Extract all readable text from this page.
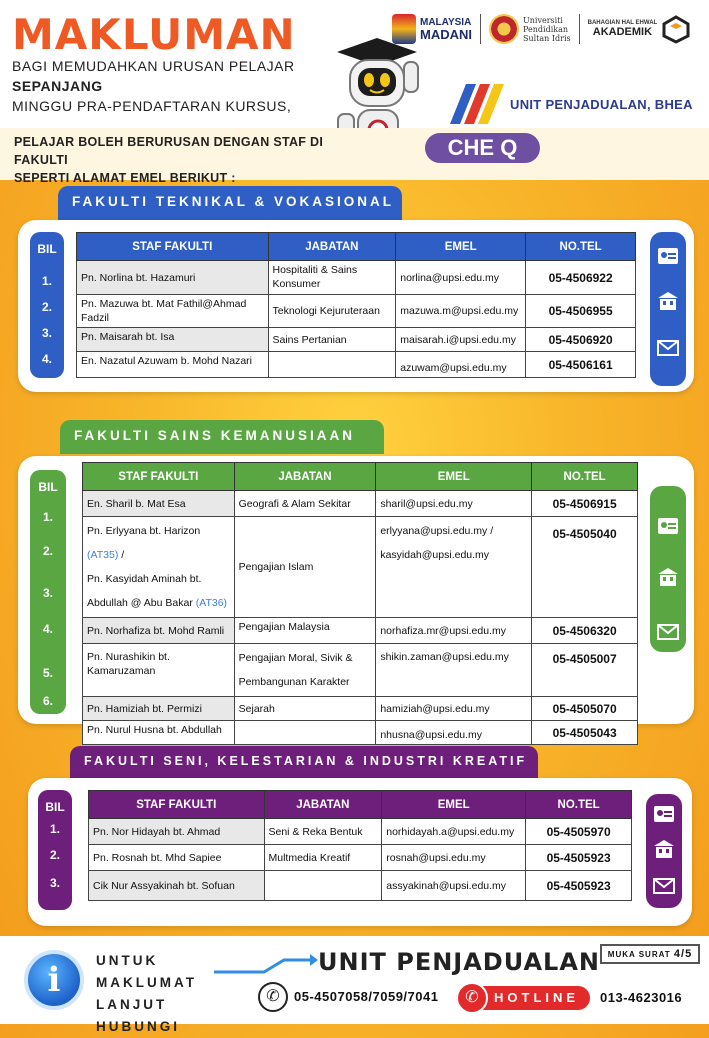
MAKLUMAN
BAGI MEMUDAHKAN URUSAN PELAJAR SEPANJANG
MINGGU PRA-PENDAFTARAN KURSUS,
MALAYSIA
MADANI
Universiti
Pendidikan
Sultan Idris
BAHAGIAN HAL EHWAL
AKADEMIK
UNIT PENJADUALAN, BHEA
PELAJAR BOLEH BERURUSAN DENGAN STAF DI FAKULTI
SEPERTI ALAMAT EMEL BERIKUT :
CHE Q
FAKULTI TEKNIKAL & VOKASIONAL
BIL
1.
2.
3.
4.
STAF FAKULTI	JABATAN	EMEL	NO.TEL
Pn. Norlina bt. Hazamuri	Hospitaliti & Sains Konsumer	norlina@upsi.edu.my	05-4506922
Pn. Mazuwa bt. Mat Fathil@Ahmad Fadzil	Teknologi Kejuruteraan	mazuwa.m@upsi.edu.my	05-4506955
Pn. Maisarah bt. Isa	Sains Pertanian	maisarah.i@upsi.edu.my	05-4506920
En. Nazatul Azuwam b. Mohd Nazari		azuwam@upsi.edu.my	05-4506161
FAKULTI SAINS KEMANUSIAAN
BIL
1.
2.
3.
4.
5.
6.
STAF FAKULTI	JABATAN	EMEL	NO.TEL
En. Sharil b. Mat Esa	Geografi & Alam Sekitar	sharil@upsi.edu.my	05-4506915
Pn. Erlyyana bt. Harizon (AT35) /
Pn. Kasyidah Aminah bt. Abdullah @ Abu Bakar (AT36)	Pengajian Islam	erlyyana@upsi.edu.my /
kasyidah@upsi.edu.my	05-4505040
Pn. Norhafiza bt. Mohd Ramli	Pengajian Malaysia	norhafiza.mr@upsi.edu.my	05-4506320
Pn. Nurashikin bt. Kamaruzaman	Pengajian Moral, Sivik & Pembangunan Karakter	shikin.zaman@upsi.edu.my	05-4505007
Pn. Hamiziah bt. Permizi	Sejarah	hamiziah@upsi.edu.my	05-4505070
Pn. Nurul Husna bt. Abdullah		nhusna@upsi.edu.my	05-4505043
FAKULTI SENI, KELESTARIAN & INDUSTRI KREATIF
BIL
1.
2.
3.
STAF FAKULTI	JABATAN	EMEL	NO.TEL
Pn. Nor Hidayah bt. Ahmad	Seni & Reka Bentuk	norhidayah.a@upsi.edu.my	05-4505970
Pn. Rosnah bt. Mhd Sapiee	Multmedia Kreatif	rosnah@upsi.edu.my	05-4505923
Cik Nur Assyakinah bt. Sofuan		assyakinah@upsi.edu.my	05-4505923
i	UNTUK MAKLUMAT
LANJUT HUBUNGI
UNIT PENJADUALAN MUKA SURAT 4/5
✆	05-4507058/7059/7041	HOTLINE
✆	013-4623016
